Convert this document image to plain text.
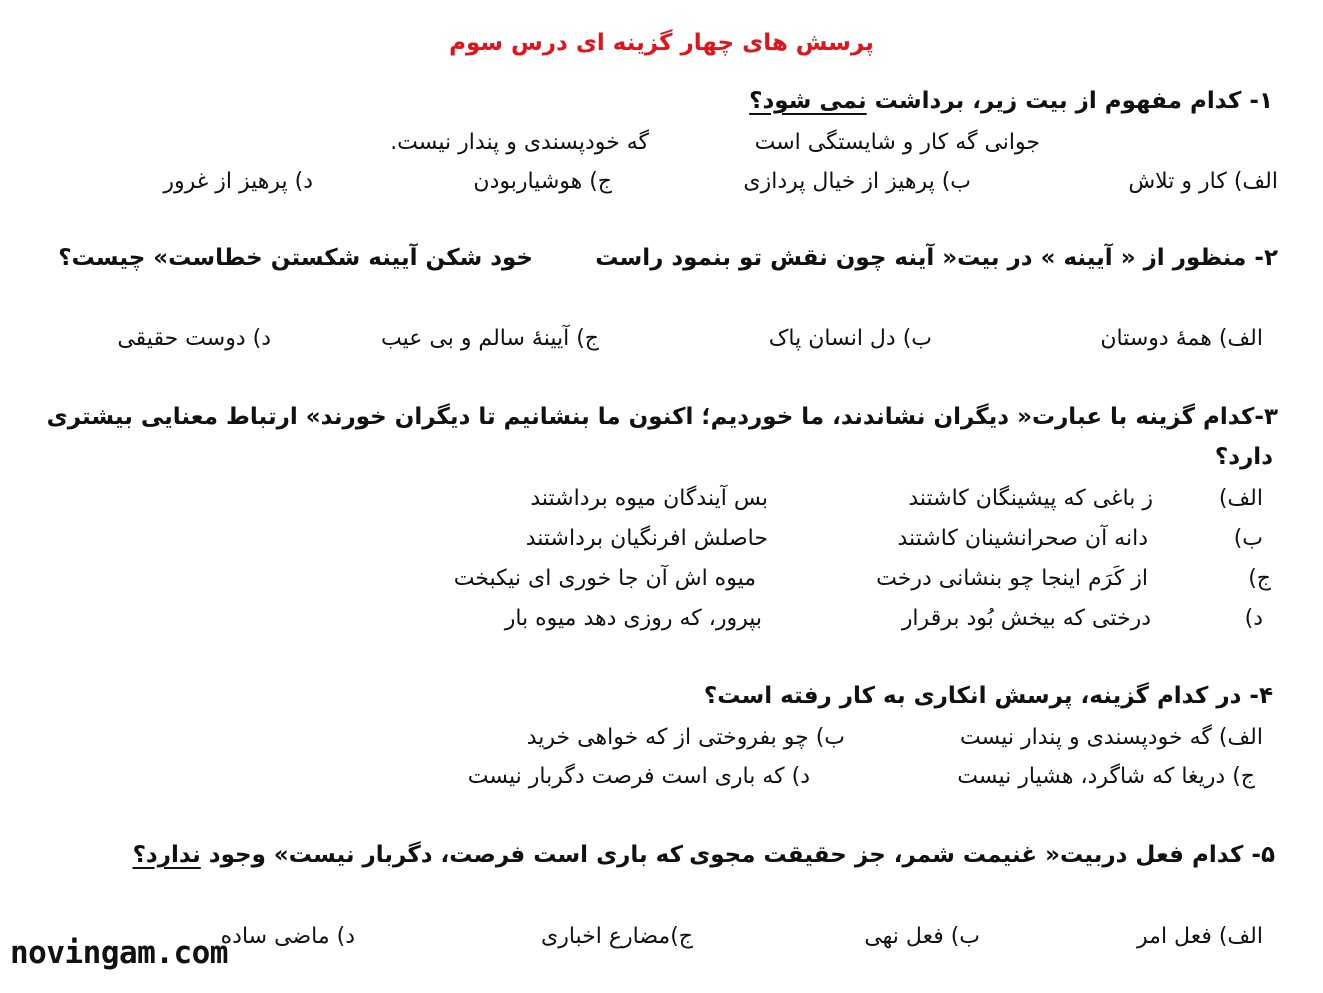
پرسش های چهار گزینه ای درس سوم
۱- کدام مفهوم از بیت زیر، برداشت نمی شود؟
جوانی گه کار و شایستگی است
گه خودپسندی و پندار نیست.
الف) کار و تلاش
ب) پرهیز از خیال پردازی
ج) هوشیاربودن
د) پرهیز از غرور
۲- منظور از « آیینه » در بیت« آینه چون نقش تو بنمود راست
خود شکن آیینه شکستن خطاست» چیست؟
الف) همۀ دوستان
ب) دل انسان پاک
ج) آیینۀ سالم و بی عیب
د) دوست حقیقی
۳-کدام گزینه با عبارت« دیگران نشاندند، ما خوردیم؛ اکنون ما بنشانیم تا دیگران خورند» ارتباط معنایی بیشتری
دارد؟
الف)
ز باغی که پیشینگان کاشتند
بس آیندگان میوه برداشتند
ب)
دانه آن صحرانشینان کاشتند
حاصلش افرنگیان برداشتند
ج)
از کَرَم اینجا چو بنشانی درخت
میوه اش آن جا خوری ای نیکبخت
د)
درختی که بیخش بُود برقرار
بپرور، که روزی دهد میوه بار
۴- در کدام گزینه، پرسش انکاری به کار رفته است؟
الف) گه خودپسندی و پندار نیست
ب) چو بفروختی از که خواهی خرید
ج) دریغا که شاگرد، هشیار نیست
د) که باری است فرصت دگربار نیست
۵- کدام فعل دربیت« غنیمت شمر، جز حقیقت مجوی
که باری است فرصت، دگربار نیست» وجود ندارد؟
الف) فعل امر
ب) فعل نهی
ج)مضارع اخباری
د) ماضی ساده
novingam.com
